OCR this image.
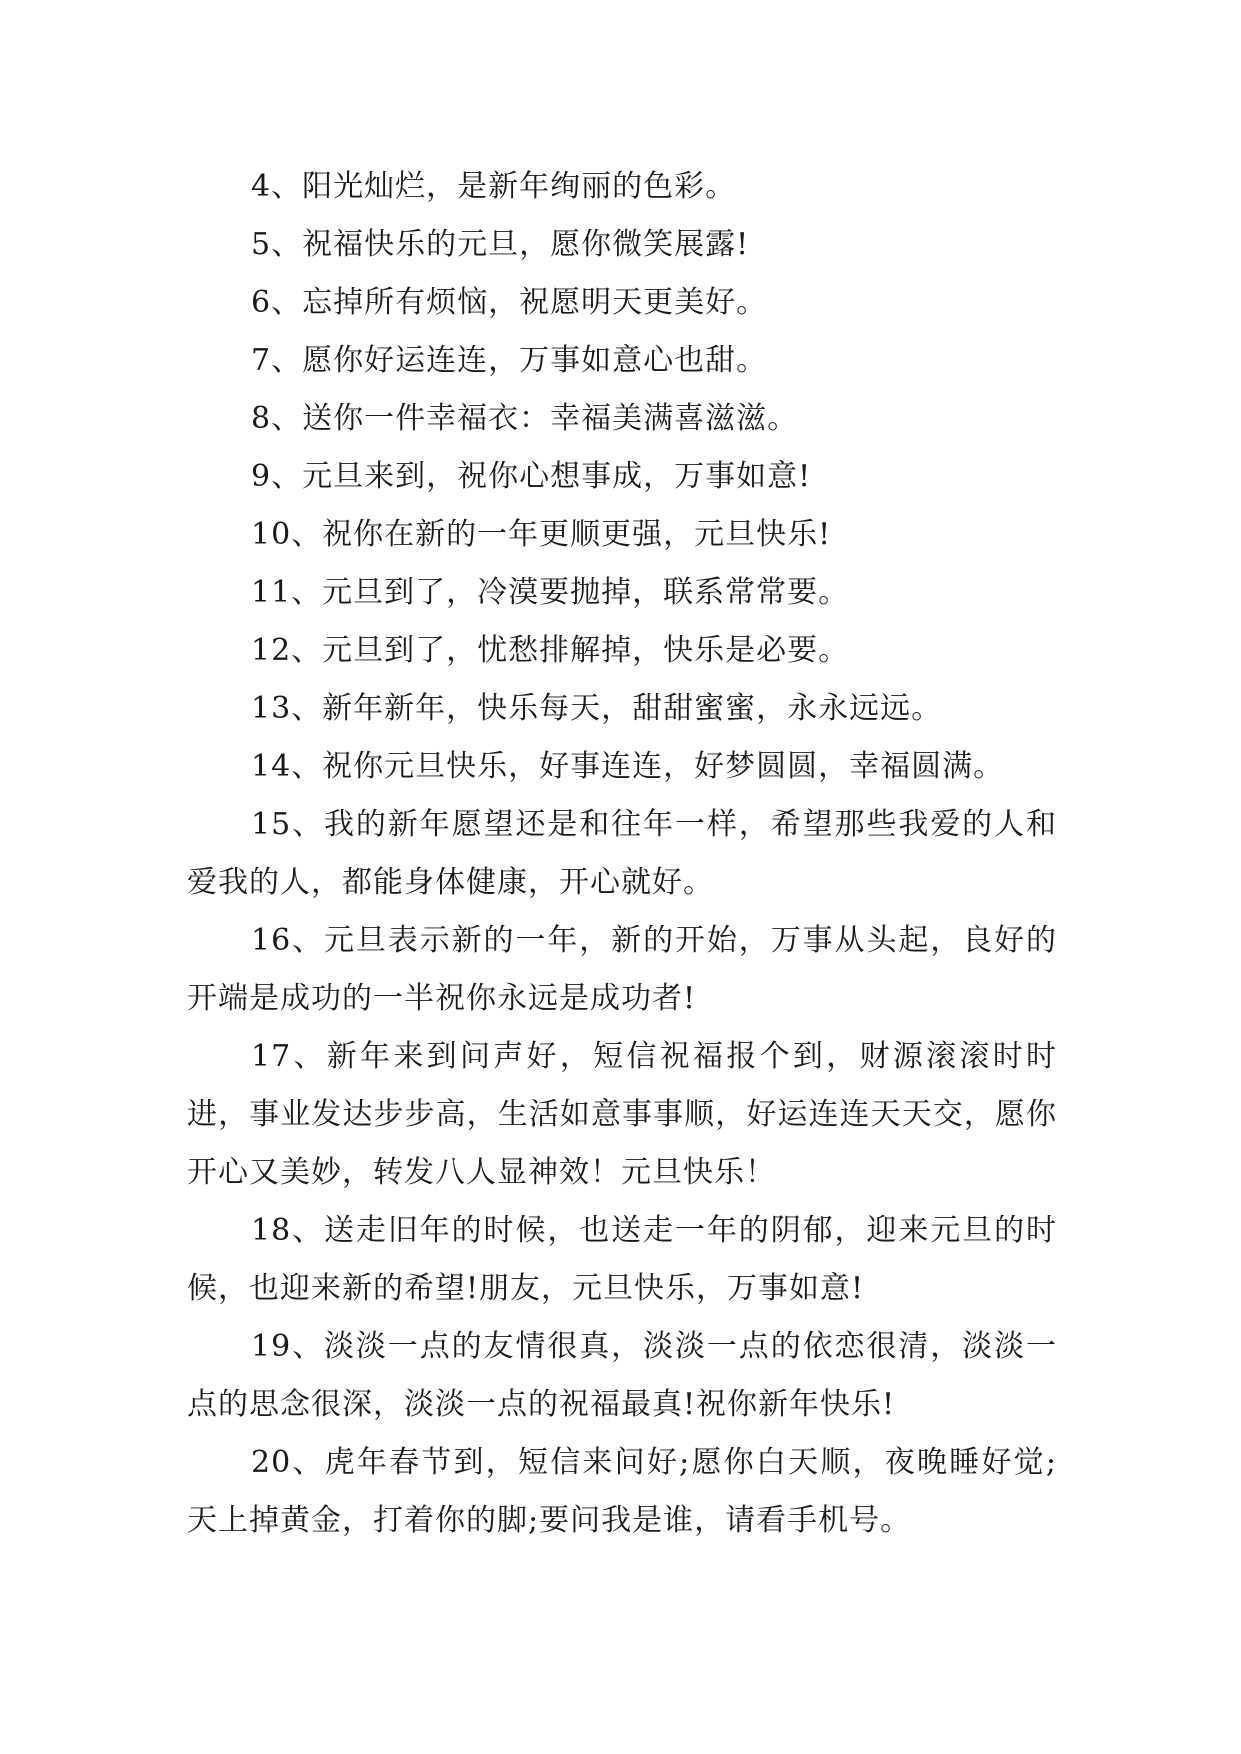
4、阳光灿烂，是新年绚丽的色彩。

5、祝福快乐的元旦，愿你微笑展露!

6、忘掉所有烦恼，祝愿明天更美好。

7、愿你好运连连，万事如意心也甜。

8、送你一件幸福衣：幸福美满喜滋滋。

9、元旦来到，祝你心想事成，万事如意!

10、祝你在新的一年更顺更强，元旦快乐!

11、元旦到了，冷漠要抛掉，联系常常要。

12、元旦到了，忧愁排解掉，快乐是必要。

13、新年新年，快乐每天，甜甜蜜蜜，永永远远。

14、祝你元旦快乐，好事连连，好梦圆圆，幸福圆满。

15、我的新年愿望还是和往年一样，希望那些我爱的人和爱我的人，都能身体健康，开心就好。

16、元旦表示新的一年，新的开始，万事从头起，良好的开端是成功的一半祝你永远是成功者!

17、新年来到问声好，短信祝福报个到，财源滚滚时时进，事业发达步步高，生活如意事事顺，好运连连天天交，愿你开心又美妙，转发八人显神效！元旦快乐！

18、送走旧年的时候，也送走一年的阴郁，迎来元旦的时候，也迎来新的希望!朋友，元旦快乐，万事如意!

19、淡淡一点的友情很真，淡淡一点的依恋很清，淡淡一点的思念很深，淡淡一点的祝福最真!祝你新年快乐!

20、虎年春节到，短信来问好;愿你白天顺，夜晚睡好觉;天上掉黄金，打着你的脚;要问我是谁，请看手机号。
